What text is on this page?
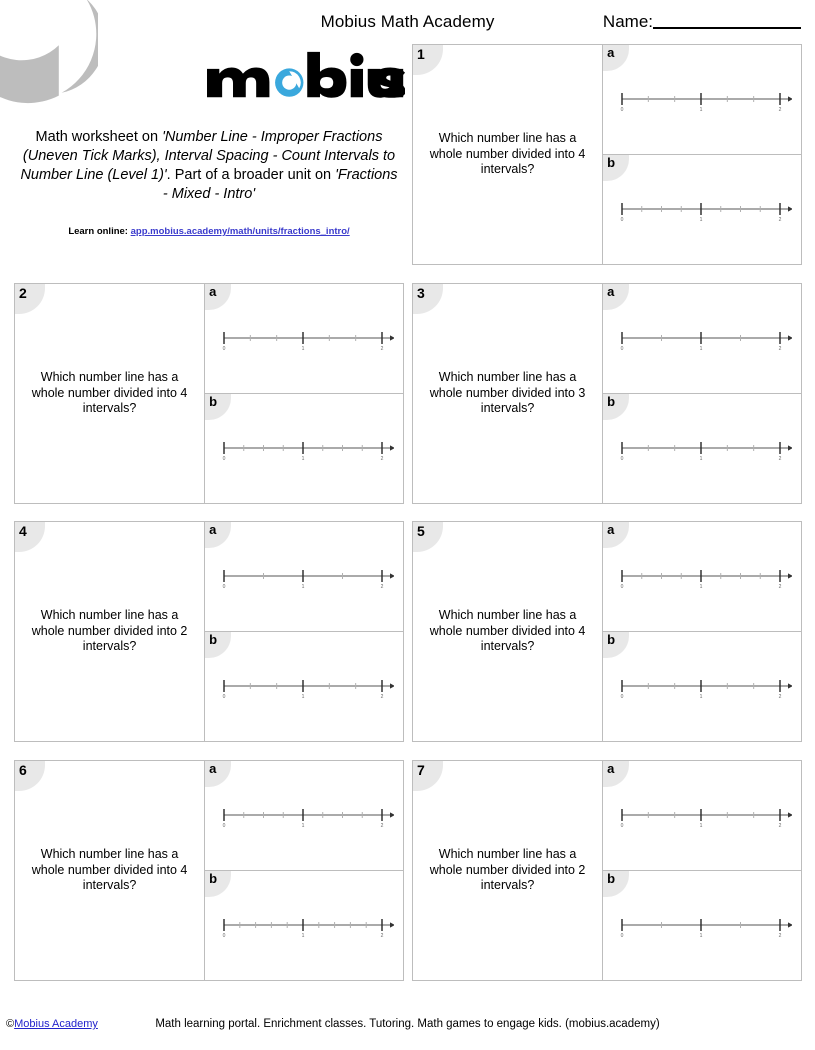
Mobius Math Academy	Name:
Math worksheet on 'Number Line - Improper Fractions (Uneven Tick Marks), Interval Spacing - Count Intervals to Number Line (Level 1)'. Part of a broader unit on 'Fractions - Mixed - Intro'
Learn online: app.mobius.academy/math/units/fractions_intro/
1
Which number line has a whole number divided into 4 intervals?
a
0	1	2
b
0	1	2
2
Which number line has a whole number divided into 4 intervals?
a
0	1	2
b
0	1	2
3
Which number line has a whole number divided into 3 intervals?
a
0	1	2
b
0	1	2
4
Which number line has a whole number divided into 2 intervals?
a
0	1	2
b
0	1	2
5
Which number line has a whole number divided into 4 intervals?
a
0	1	2
b
0	1	2
6
Which number line has a whole number divided into 4 intervals?
a
0	1	2
b
0	1	2
7
Which number line has a whole number divided into 2 intervals?
a
0	1	2
b
0	1	2
©Mobius Academy	Math learning portal. Enrichment classes. Tutoring. Math games to engage kids. (mobius.academy)
